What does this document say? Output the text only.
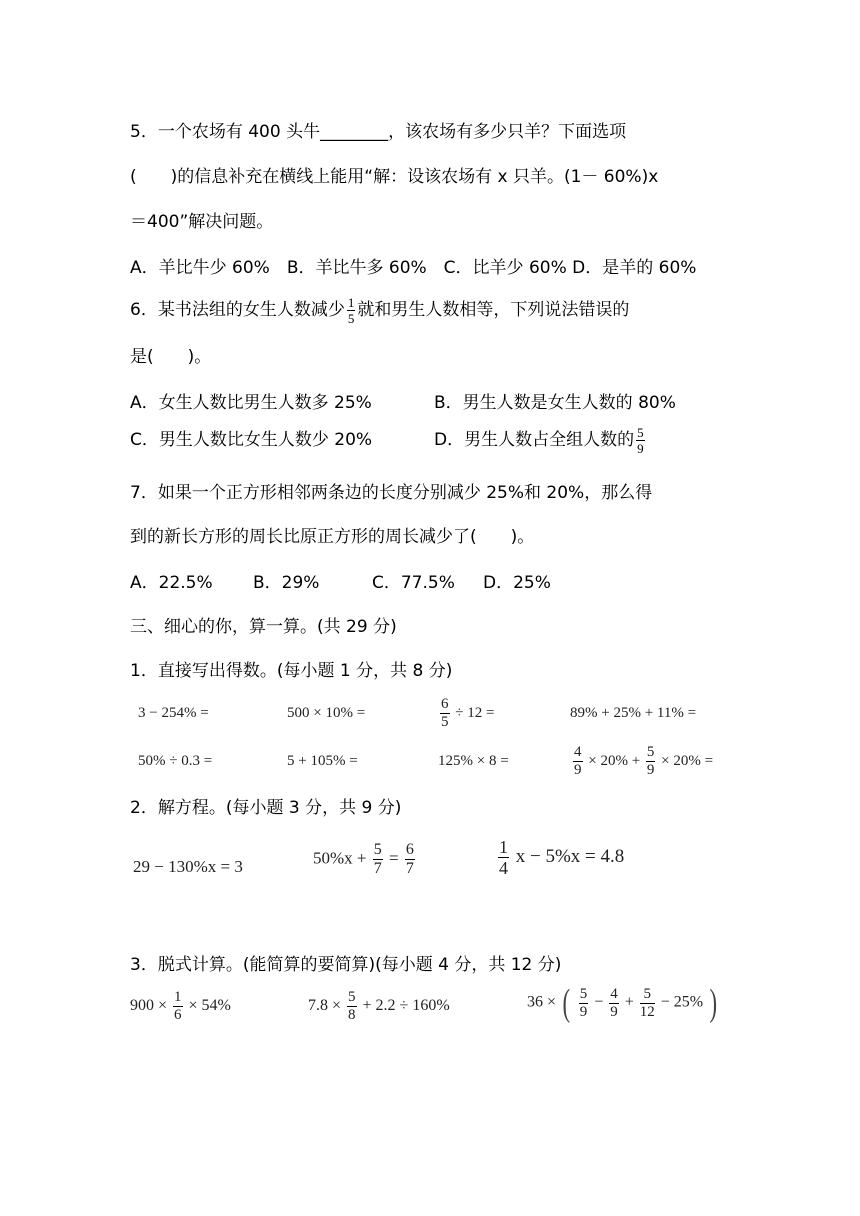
5．一个农场有 400 头牛________，该农场有多少只羊？下面选项
(　　)的信息补充在横线上能用“解：设该农场有 x 只羊。(1－ 60%)x
＝400”解决问题。
A．羊比牛少 60%　B．羊比牛多 60%　C．比羊少 60% D．是羊的 60%
6．某书法组的女生人数减少 $\frac{1}{5}$ 就和男生人数相等，下列说法错误的
是(　　)。
A．女生人数比男生人数多 25%	B．男生人数是女生人数的 80%
C．男生人数比女生人数少 20%	D．男生人数占全组人数的 $\frac{5}{9}$
7．如果一个正方形相邻两条边的长度分别减少 25%和 20%，那么得
到的新长方形的周长比原正方形的周长减少了(　　)。
A．22.5% B．29%	C．77.5% D．25%
三、细心的你，算一算。(共 29 分)
1．直接写出得数。(每小题 1 分，共 8 分)
3 − 254% =	500 × 10% =	$\frac{6}{5} \div 12$ =	89% + 25% + 11% =
50% ÷ 0.3 =	5 + 105% =	125% × 8 =	$\frac{4}{9} \times 20\% + \frac{5}{9} \times 20\%$ =
2．解方程。(每小题 3 分，共 9 分)
29 − 130%x = 3	$50\%x + \frac{5}{7} = \frac{6}{7}$	$\frac{1}{4}$ x − 5%x = 4.8
3．脱式计算。(能简算的要简算)(每小题 4 分，共 12 分)
$900 \times \frac{1}{6} \times 54\%$	$7.8 \times \frac{5}{8} + 2.2 \div 160\%$	36 × ( $\frac{5}{9} - \frac{4}{9} + \frac{5}{12} - 25\%$ )
